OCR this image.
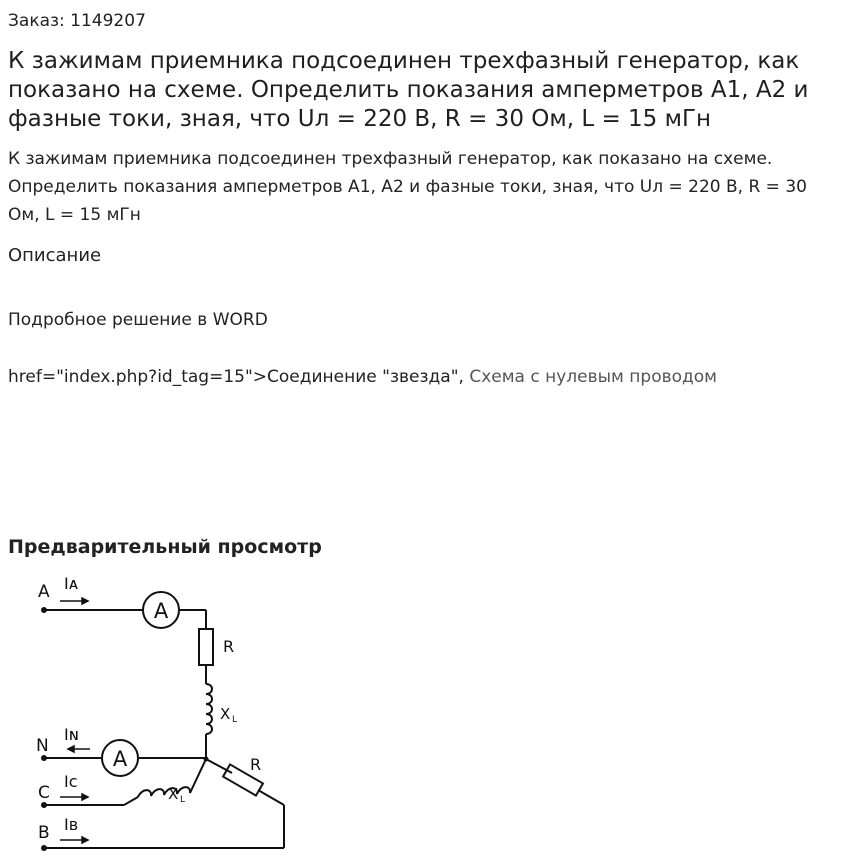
Заказ: 1149207
К зажимам приемника подсоединен трехфазный генератор, как показано на схеме. Определить показания амперметров А1, А2 и фазные токи, зная, что Uл = 220 В, R = 30 Ом, L = 15 мГн
К зажимам приемника подсоединен трехфазный генератор, как показано на схеме. Определить показания амперметров А1, А2 и фазные токи, зная, что Uл = 220 В, R = 30 Ом, L = 15 мГн
Описание
Подробное решение в WORD
href="index.php?id_tag=15">Соединение "звезда", Схема с нулевым проводом
Предварительный просмотр
A
A
A Iᴀ
N
Iɴ
C
Iᴄ
B Iв
R
X L
X L
R
